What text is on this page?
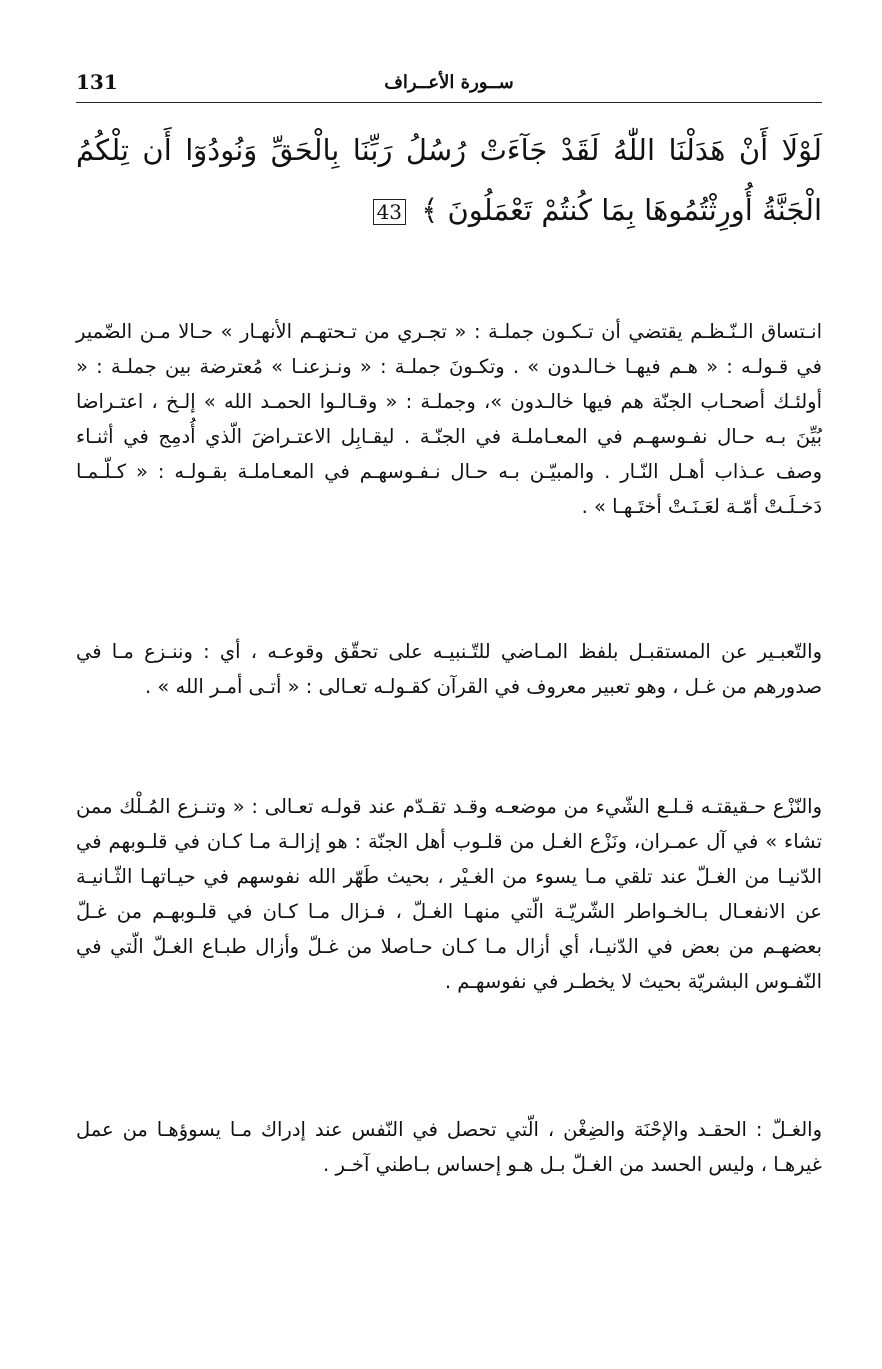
131	ســورة الأعــراف
لَوْلَا أَنْ هَدَلْنَا اللّٰهُ لَقَدْ جَآءَتْ رُسُلُ رَبِّنَا بِالْحَقِّ وَنُودُوٓا أَن تِلْكُمُ الْجَنَّةُ أُورِثْتُمُوهَا بِمَا كُنتُمْ تَعْمَلُونَ ﴾ 43

انـتساق الـنّـظـم يقتضي أن تـكـون جملـة : « تجـري من تـحتهـم الأنهـار » حـالا مـن الضّمير في قـولـه : « هـم فيهـا خـالـدون » . وتكـونَ جملـة : « ونـزعنـا » مُعترضة بين جملـة : « أولئـك أصحـاب الجنّة هم فيها خالـدون »، وجملـة : « وقـالـوا الحمـد الله » إلـخ ، اعتـراضا بُيِّنَ بـه حـال نفـوسهـم في المعـاملـة في الجنّـة . ليقـابِل الاعتـراضَ الّذي أُدمِج في أثنـاء وصف عـذاب أهـل النّـار . والمبيّـن بـه حـال نـفـوسهـم في المعـاملـة بقـولـه : « كـلّـمـا دَخـلَـتْ أمّـة لعَـنَـتْ أختَـهـا » .

والتّعبـير عن المستقبـل بلفظ المـاضي للتّـنبيـه على تحقّق وقوعـه ، أي : وننـزع مـا في صدورهم من غـل ، وهو تعبير معروف في القرآن كقـولـه تعـالى : « أتـى أمـر الله » .

والنّزْع حـقيقتـه قـلـع الشّيء من موضعـه وقـد تقـدّم عند قولـه تعـالى : « وتنـزع المُـلْك ممن تشاء » في آل عمـران، ونَزْع الغـل من قلـوب أهل الجنّة : هو إزالـة مـا كـان في قلـوبهم في الدّنيـا من الغـلّ عند تلقي مـا يسوء من الغـيْر ، بحيث طَهّر الله نفوسهم في حيـاتهـا الثّـانيـة عن الانفعـال بـالخـواطر الشّريّـة الّتي منهـا الغـلّ ، فـزال مـا كـان في قلـوبهـم من غـلّ بعضهـم من بعض في الدّنيـا، أي أزال مـا كـان حـاصلا من غـلّ وأزال طبـاع الغـلّ الّتي في النّفـوس البشريّة بحيث لا يخطـر في نفوسهـم .

والغـلّ : الحقـد والإحْنَة والضِغْن ، الّتي تحصل في النّفس عند إدراك مـا يسوؤهـا من عمل غيرهـا ، وليس الحسد من الغـلّ بـل هـو إحساس بـاطني آخـر .
